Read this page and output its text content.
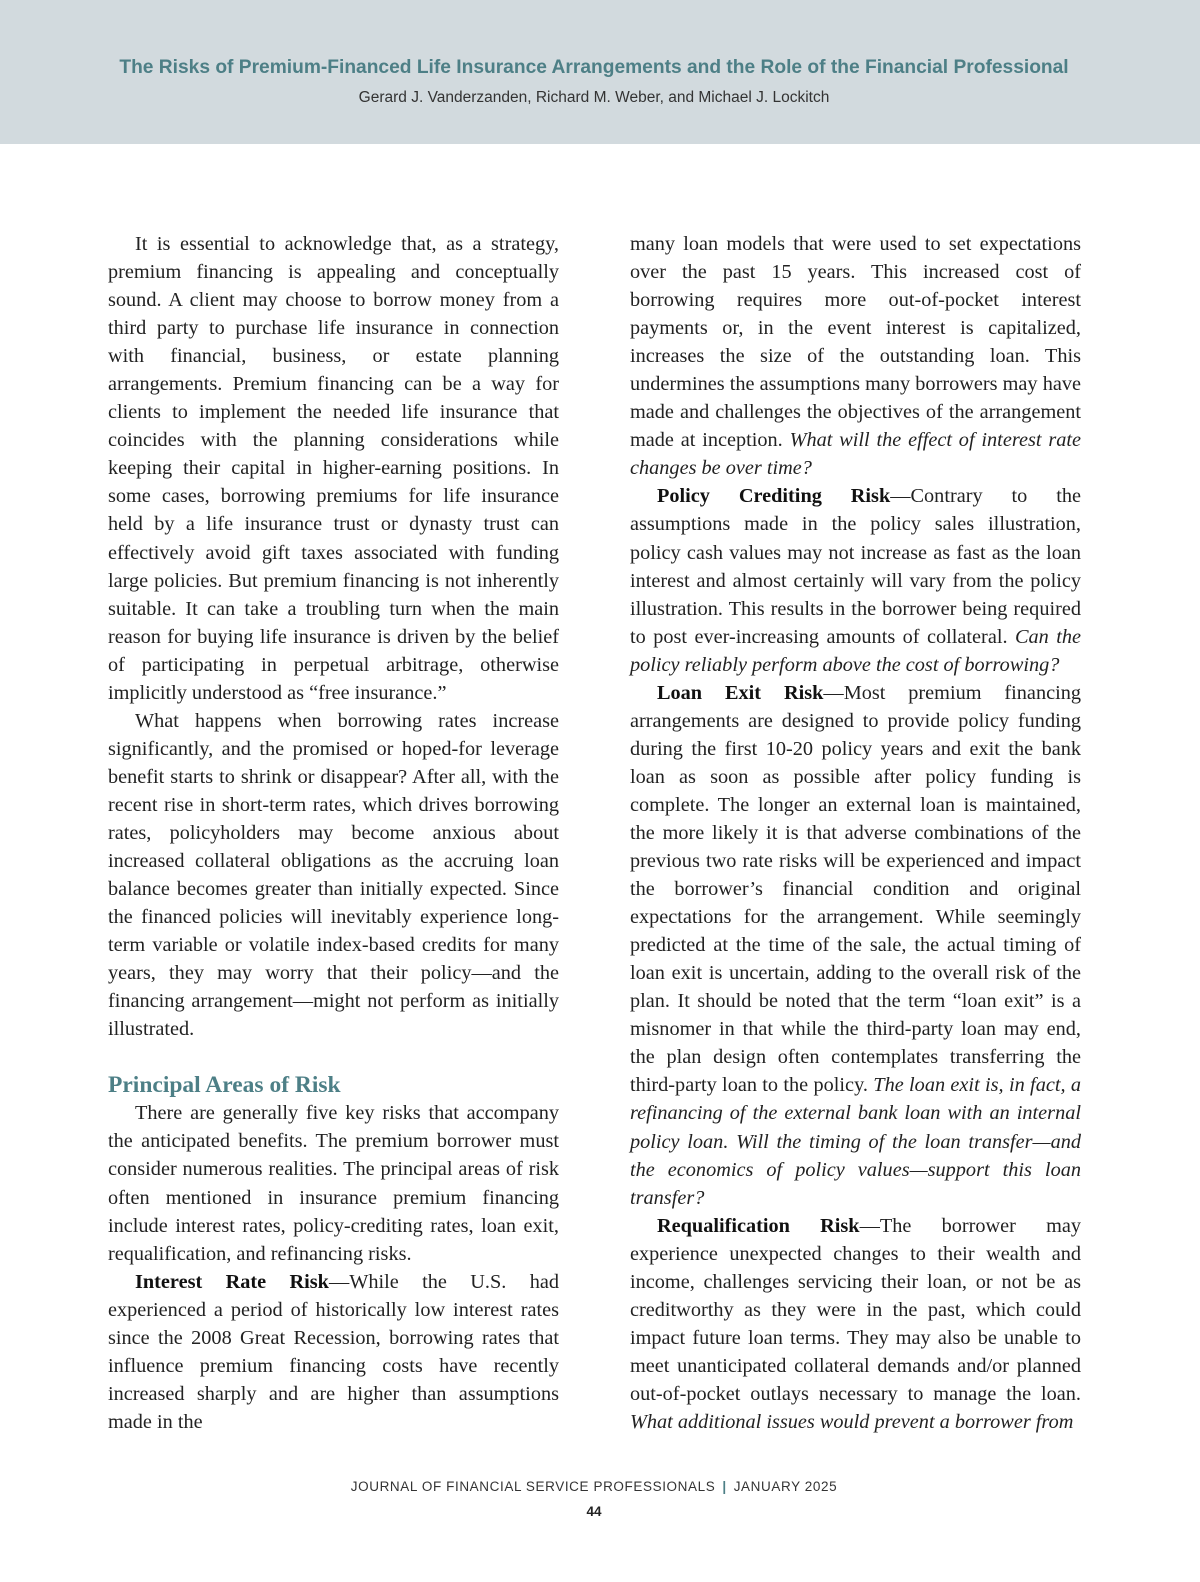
The Risks of Premium-Financed Life Insurance Arrangements and the Role of the Financial Professional
Gerard J. Vanderzanden, Richard M. Weber, and Michael J. Lockitch

It is essential to acknowledge that, as a strategy, premium financing is appealing and conceptually sound. A client may choose to borrow money from a third party to purchase life insurance in connection with financial, business, or estate planning arrangements. Premium financing can be a way for clients to implement the needed life insurance that coincides with the planning considerations while keeping their capital in higher-earning positions. In some cases, borrowing premiums for life insurance held by a life insurance trust or dynasty trust can effectively avoid gift taxes associated with funding large policies. But premium financing is not inherently suitable. It can take a troubling turn when the main reason for buying life insurance is driven by the belief of participating in perpetual arbitrage, otherwise implicitly understood as “free insurance.”

What happens when borrowing rates increase significantly, and the promised or hoped-for leverage benefit starts to shrink or disappear? After all, with the recent rise in short-term rates, which drives borrowing rates, policyholders may become anxious about increased collateral obligations as the accruing loan balance becomes greater than initially expected. Since the financed policies will inevitably experience long-term variable or volatile index-based credits for many years, they may worry that their policy—and the financing arrangement—might not perform as initially illustrated.

Principal Areas of Risk

There are generally five key risks that accompany the anticipated benefits. The premium borrower must consider numerous realities. The principal areas of risk often mentioned in insurance premium financing include interest rates, policy-crediting rates, loan exit, requalification, and refinancing risks.

Interest Rate Risk—While the U.S. had experienced a period of historically low interest rates since the 2008 Great Recession, borrowing rates that influence premium financing costs have recently increased sharply and are higher than assumptions made in the

many loan models that were used to set expectations over the past 15 years. This increased cost of borrowing requires more out-of-pocket interest payments or, in the event interest is capitalized, increases the size of the outstanding loan. This undermines the assumptions many borrowers may have made and challenges the objectives of the arrangement made at inception. What will the effect of interest rate changes be over time?

Policy Crediting Risk—Contrary to the assumptions made in the policy sales illustration, policy cash values may not increase as fast as the loan interest and almost certainly will vary from the policy illustration. This results in the borrower being required to post ever-increasing amounts of collateral. Can the policy reliably perform above the cost of borrowing?

Loan Exit Risk—Most premium financing arrangements are designed to provide policy funding during the first 10-20 policy years and exit the bank loan as soon as possible after policy funding is complete. The longer an external loan is maintained, the more likely it is that adverse combinations of the previous two rate risks will be experienced and impact the borrower’s financial condition and original expectations for the arrangement. While seemingly predicted at the time of the sale, the actual timing of loan exit is uncertain, adding to the overall risk of the plan. It should be noted that the term “loan exit” is a misnomer in that while the third-party loan may end, the plan design often contemplates transferring the third-party loan to the policy. The loan exit is, in fact, a refinancing of the external bank loan with an internal policy loan. Will the timing of the loan transfer—and the economics of policy values—support this loan transfer?

Requalification Risk—The borrower may experience unexpected changes to their wealth and income, challenges servicing their loan, or not be as creditworthy as they were in the past, which could impact future loan terms. They may also be unable to meet unanticipated collateral demands and/or planned out-of-pocket outlays necessary to manage the loan. What additional issues would prevent a borrower from

JOURNAL OF FINANCIAL SERVICE PROFESSIONALS | JANUARY 2025
44
